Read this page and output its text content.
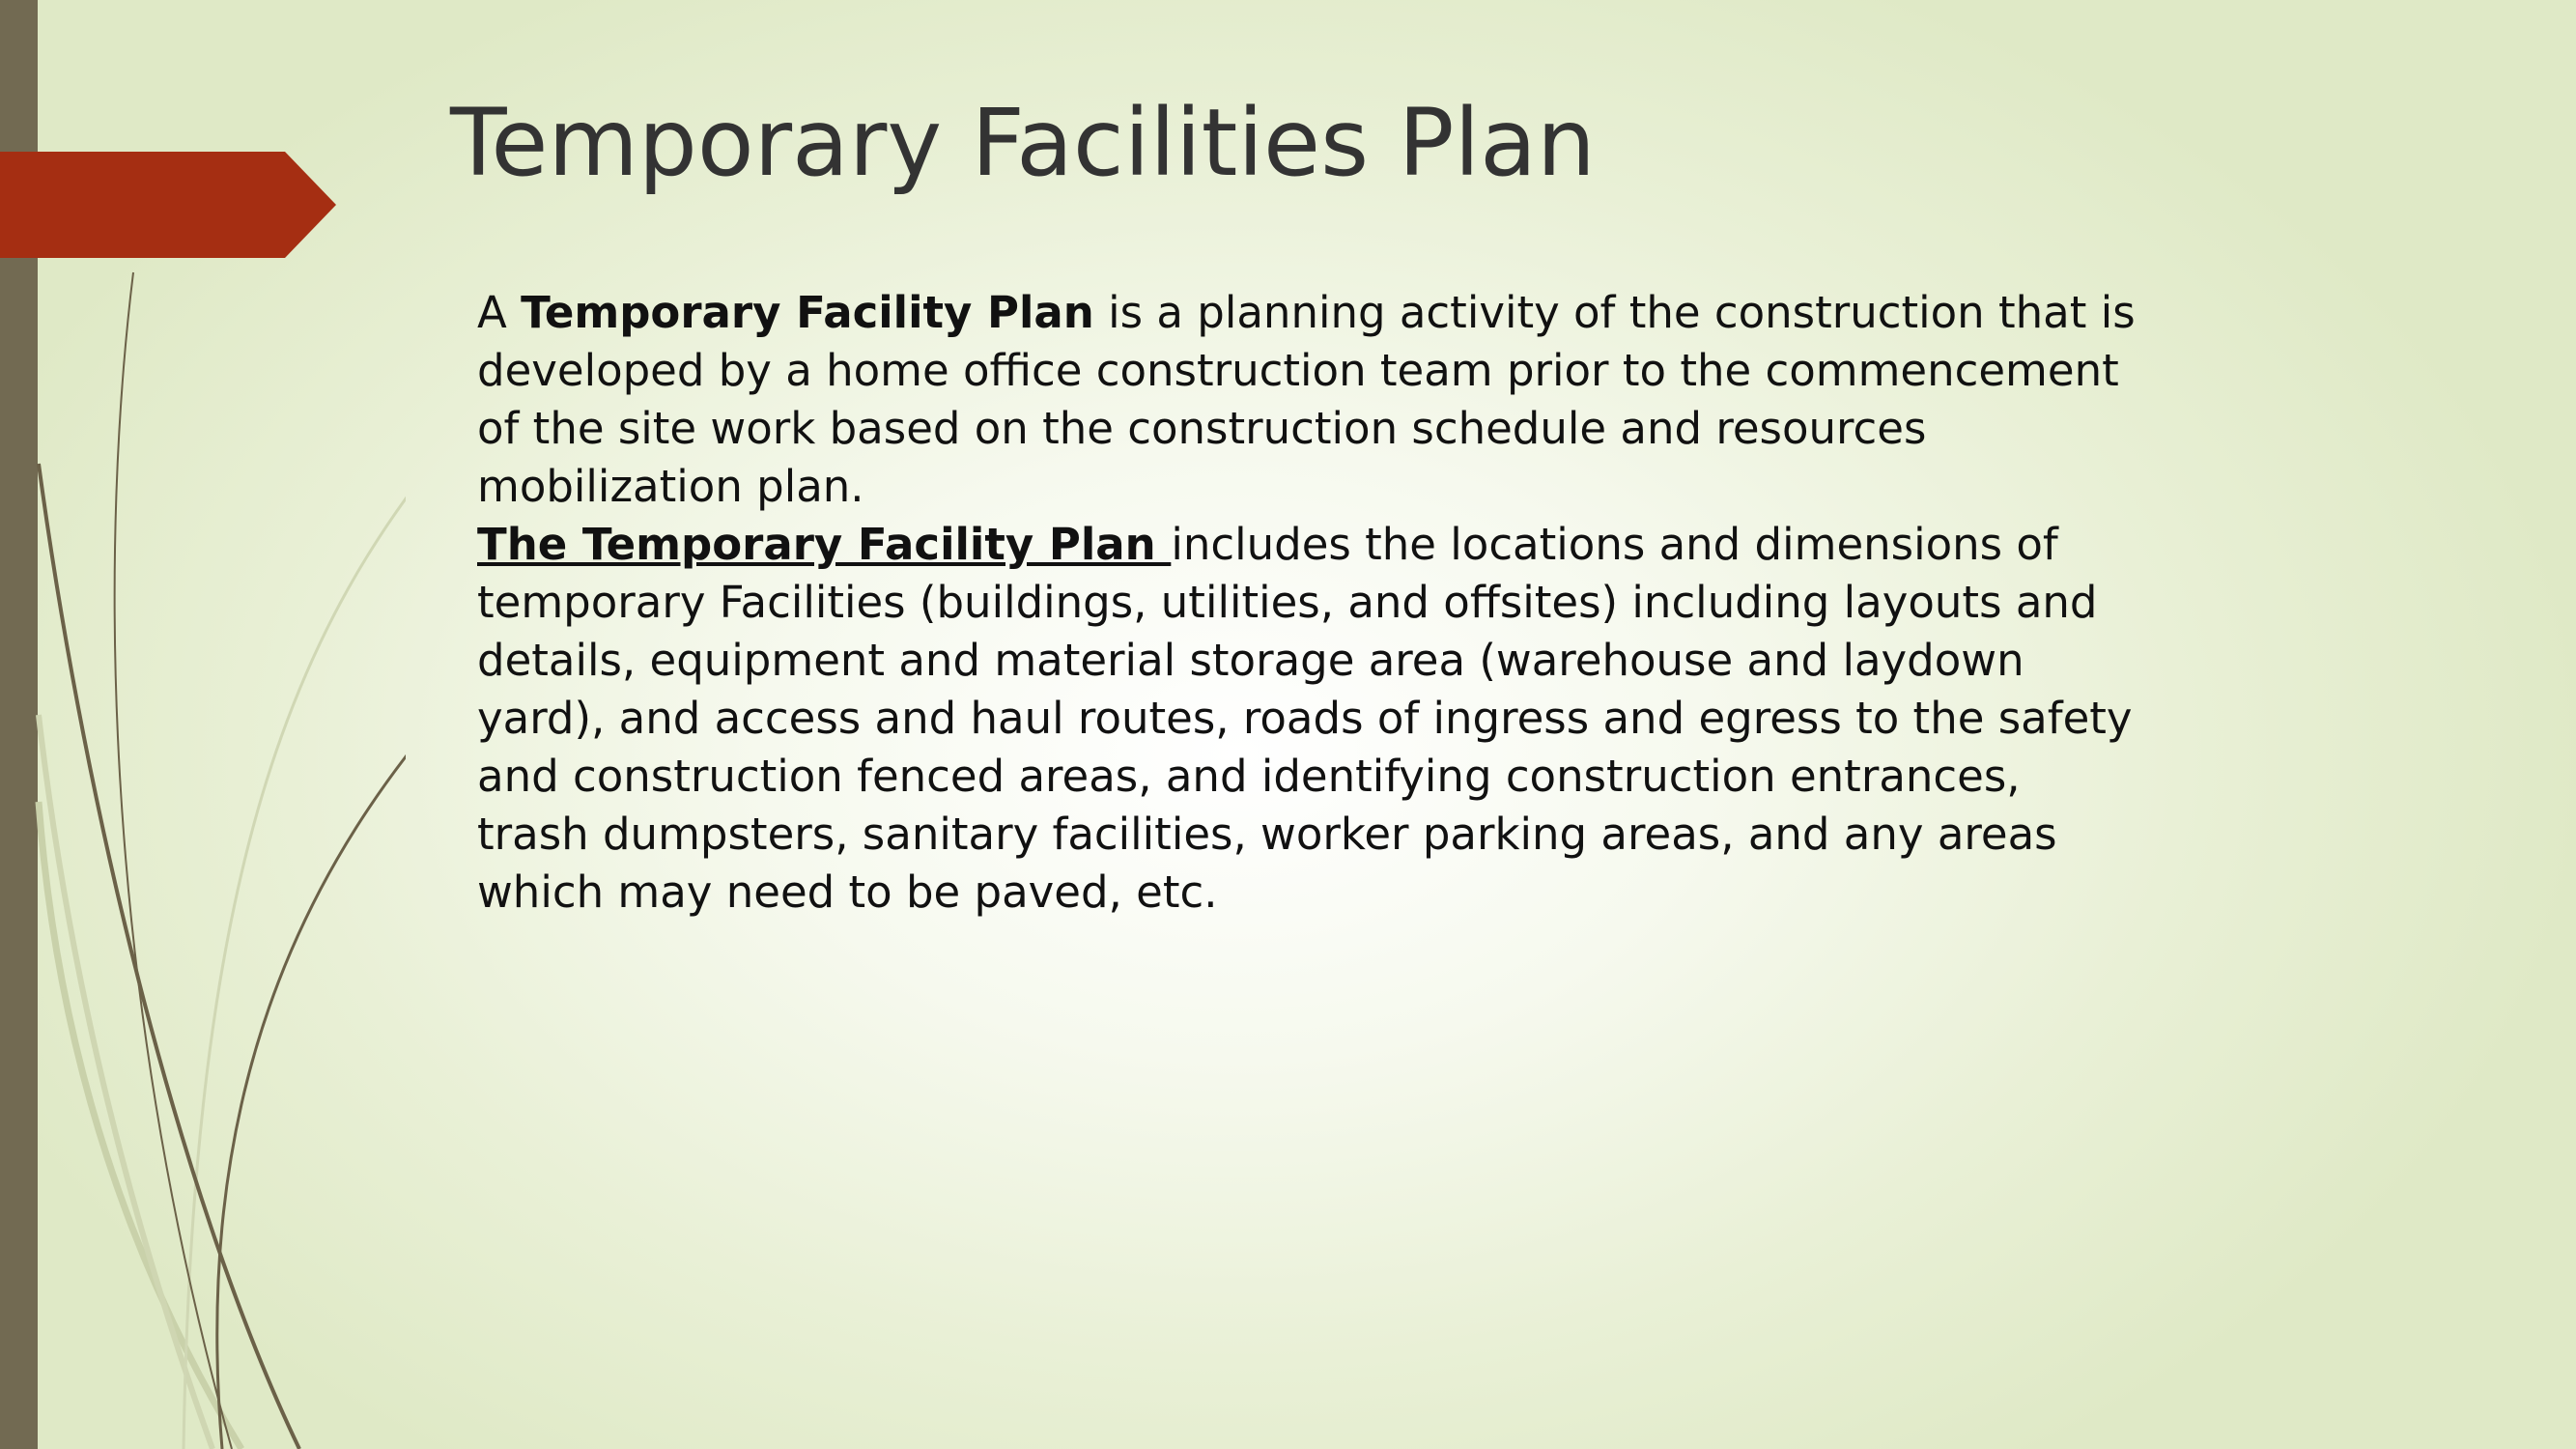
Temporary Facilities Plan

A Temporary Facility Plan is a planning activity of the construction that is developed by a home office construction team prior to the commencement of the site work based on the construction schedule and resources mobilization plan.

The Temporary Facility Plan includes the locations and dimensions of temporary Facilities (buildings, utilities, and offsites) including layouts and details, equipment and material storage area (warehouse and laydown yard), and access and haul routes, roads of ingress and egress to the safety and construction fenced areas, and identifying construction entrances, trash dumpsters, sanitary facilities, worker parking areas, and any areas which may need to be paved, etc.
